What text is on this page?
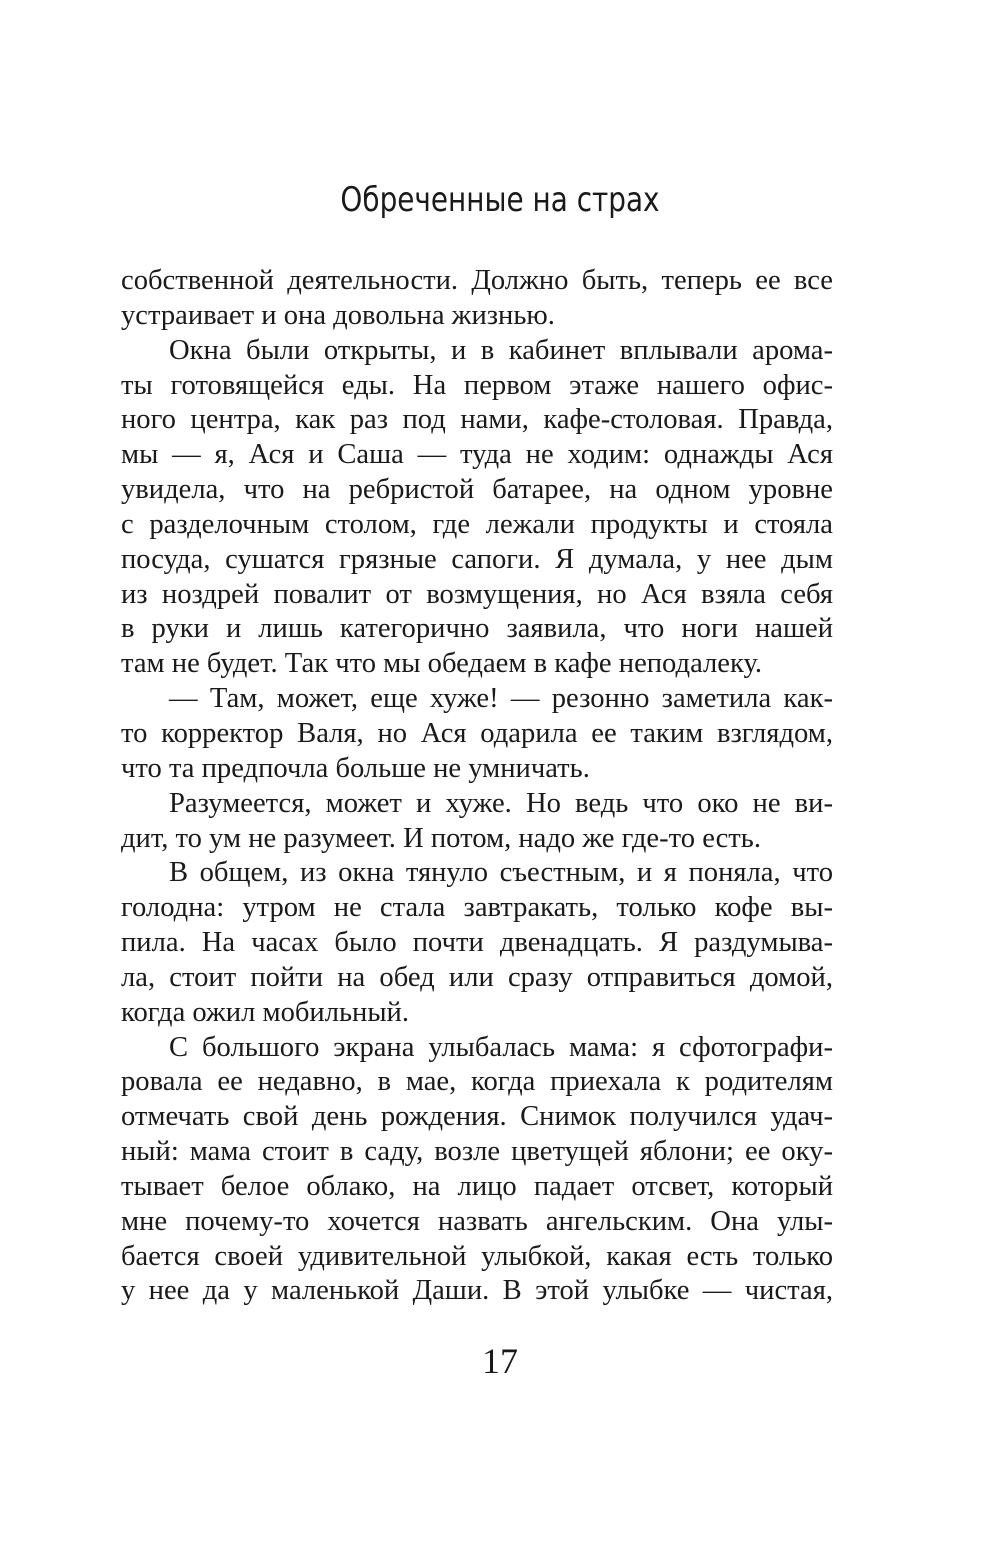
Обреченные на страх
собственной деятельности. Должно быть, теперь ее все
устраивает и она довольна жизнью.
Окна были открыты, и в кабинет вплывали арома-
ты готовящейся еды. На первом этаже нашего офис-
ного центра, как раз под нами, кафе-столовая. Правда,
мы — я, Ася и Саша — туда не ходим: однажды Ася
увидела, что на ребристой батарее, на одном уровне
с разделочным столом, где лежали продукты и стояла
посуда, сушатся грязные сапоги. Я думала, у нее дым
из ноздрей повалит от возмущения, но Ася взяла себя
в руки и лишь категорично заявила, что ноги нашей
там не будет. Так что мы обедаем в кафе неподалеку.
— Там, может, еще хуже! — резонно заметила как-
то корректор Валя, но Ася одарила ее таким взглядом,
что та предпочла больше не умничать.
Разумеется, может и хуже. Но ведь что око не ви-
дит, то ум не разумеет. И потом, надо же где-то есть.
В общем, из окна тянуло съестным, и я поняла, что
голодна: утром не стала завтракать, только кофе вы-
пила. На часах было почти двенадцать. Я раздумыва-
ла, стоит пойти на обед или сразу отправиться домой,
когда ожил мобильный.
С большого экрана улыбалась мама: я сфотографи-
ровала ее недавно, в мае, когда приехала к родителям
отмечать свой день рождения. Снимок получился удач-
ный: мама стоит в саду, возле цветущей яблони; ее оку-
тывает белое облако, на лицо падает отсвет, который
мне почему-то хочется назвать ангельским. Она улы-
бается своей удивительной улыбкой, какая есть только
у нее да у маленькой Даши. В этой улыбке — чистая,
17
